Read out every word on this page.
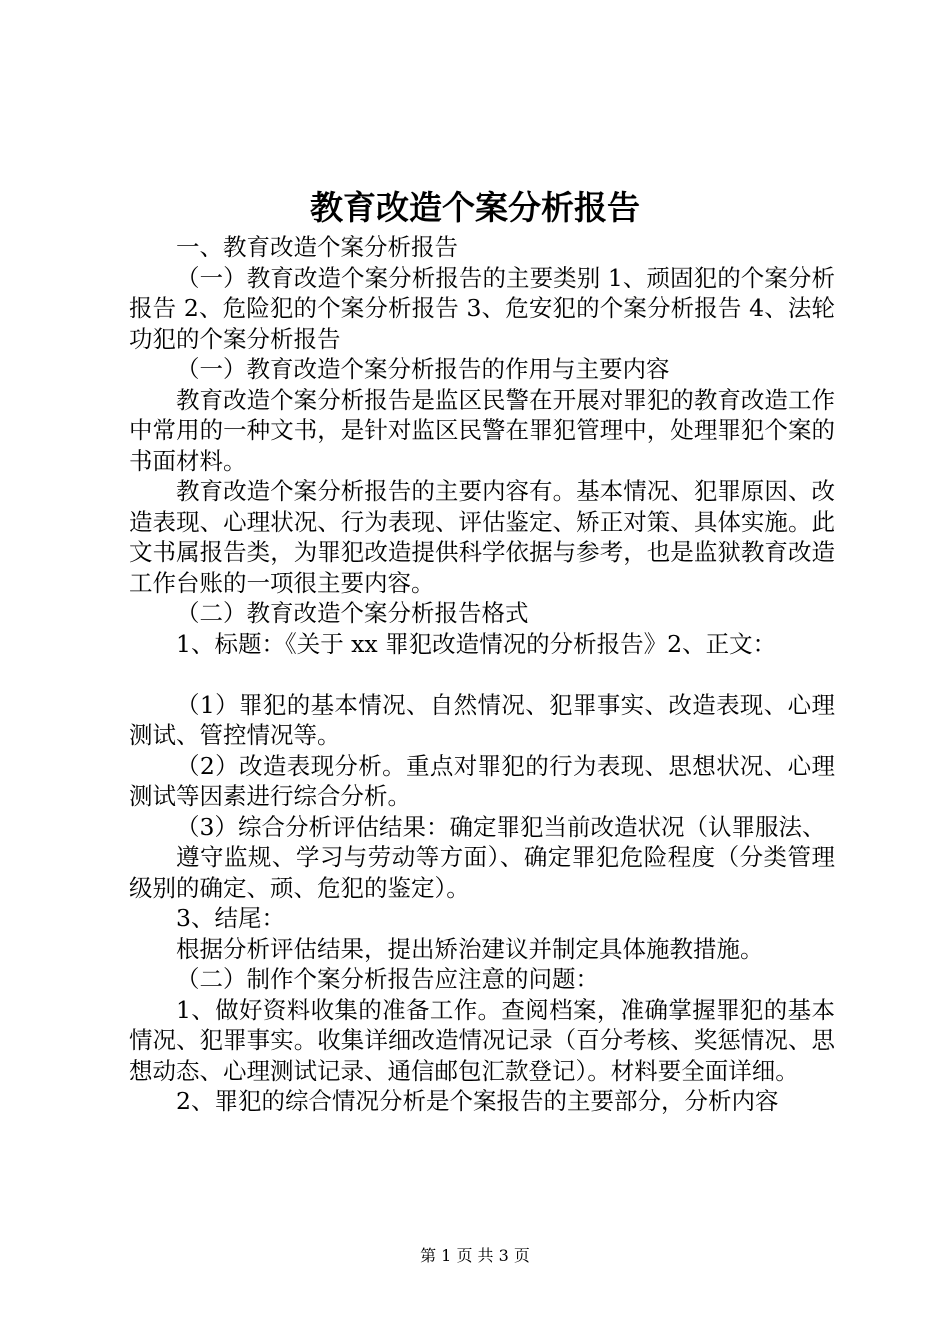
教育改造个案分析报告

一、教育改造个案分析报告

（一）教育改造个案分析报告的主要类别 1、顽固犯的个案分析报告 2、危险犯的个案分析报告 3、危安犯的个案分析报告 4、法轮功犯的个案分析报告

（一）教育改造个案分析报告的作用与主要内容

教育改造个案分析报告是监区民警在开展对罪犯的教育改造工作中常用的一种文书，是针对监区民警在罪犯管理中，处理罪犯个案的书面材料。

教育改造个案分析报告的主要内容有。基本情况、犯罪原因、改造表现、心理状况、行为表现、评估鉴定、矫正对策、具体实施。此文书属报告类，为罪犯改造提供科学依据与参考，也是监狱教育改造工作台账的一项很主要内容。

（二）教育改造个案分析报告格式

1、标题：《关于 xx 罪犯改造情况的分析报告》2、正文：

（1）罪犯的基本情况、自然情况、犯罪事实、改造表现、心理测试、管控情况等。

（2）改造表现分析。重点对罪犯的行为表现、思想状况、心理测试等因素进行综合分析。

（3）综合分析评估结果：确定罪犯当前改造状况（认罪服法、

遵守监规、学习与劳动等方面）、确定罪犯危险程度（分类管理级别的确定、顽、危犯的鉴定）。

3、结尾：

根据分析评估结果，提出矫治建议并制定具体施教措施。

（二）制作个案分析报告应注意的问题：

1、做好资料收集的准备工作。查阅档案，准确掌握罪犯的基本情况、犯罪事实。收集详细改造情况记录（百分考核、奖惩情况、思想动态、心理测试记录、通信邮包汇款登记）。材料要全面详细。

2、罪犯的综合情况分析是个案报告的主要部分，分析内容

第 1 页 共 3 页
